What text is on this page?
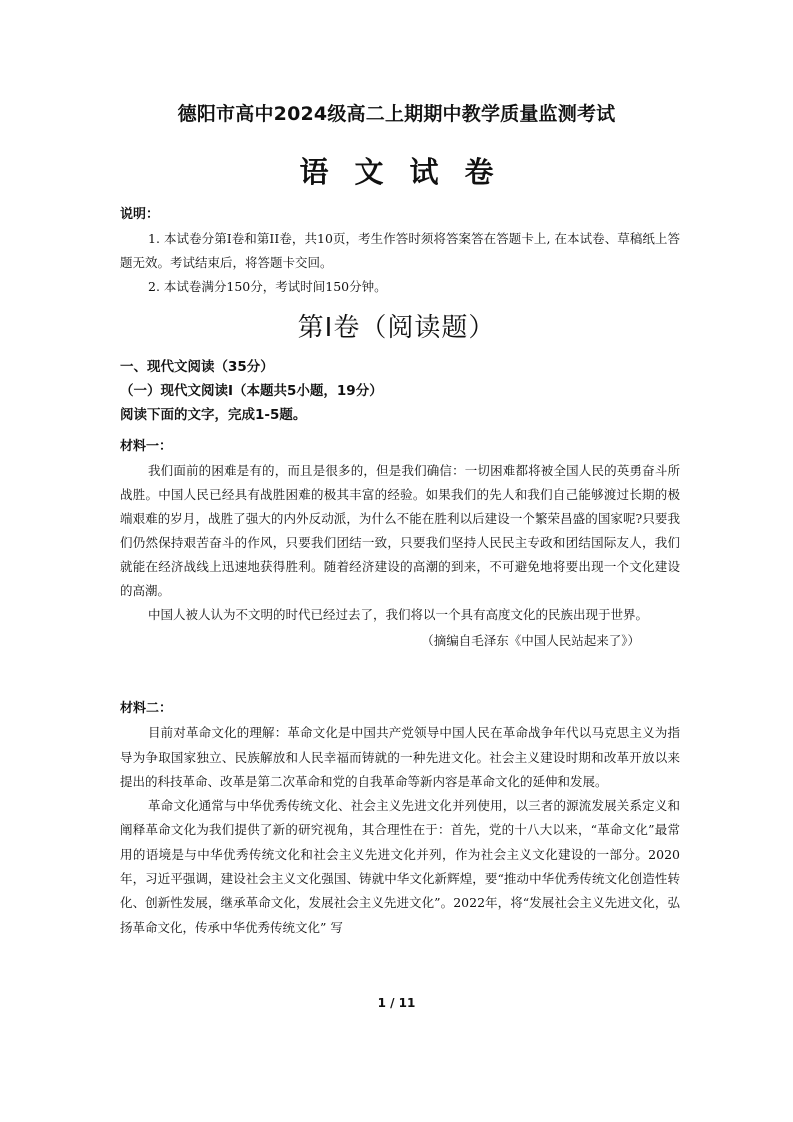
德阳市高中2024级高二上期期中教学质量监测考试
语文试卷
说明：

1. 本试卷分第Ⅰ卷和第II卷，共10页，考生作答时须将答案答在答题卡上, 在本试卷、草稿纸上答题无效。考试结束后，将答题卡交回。

2. 本试卷满分150分，考试时间150分钟。

第Ⅰ卷（阅读题）
一、现代文阅读（35分）
（一）现代文阅读Ⅰ（本题共5小题，19分）
阅读下面的文字，完成1-5题。
材料一：

我们面前的困难是有的，而且是很多的，但是我们确信：一切困难都将被全国人民的英勇奋斗所战胜。中国人民已经具有战胜困难的极其丰富的经验。如果我们的先人和我们自己能够渡过长期的极端艰难的岁月，战胜了强大的内外反动派，为什么不能在胜利以后建设一个繁荣昌盛的国家呢?只要我们仍然保持艰苦奋斗的作风，只要我们团结一致，只要我们坚持人民民主专政和团结国际友人，我们就能在经济战线上迅速地获得胜利。随着经济建设的高潮的到来，不可避免地将要出现一个文化建设的高潮。

中国人被人认为不文明的时代已经过去了，我们将以一个具有高度文化的民族出现于世界。

（摘编自毛泽东《中国人民站起来了》）

材料二：

目前对革命文化的理解：革命文化是中国共产党领导中国人民在革命战争年代以马克思主义为指导为争取国家独立、民族解放和人民幸福而铸就的一种先进文化。社会主义建设时期和改革开放以来提出的科技革命、改革是第二次革命和党的自我革命等新内容是革命文化的延伸和发展。

革命文化通常与中华优秀传统文化、社会主义先进文化并列使用，以三者的源流发展关系定义和阐释革命文化为我们提供了新的研究视角，其合理性在于：首先，党的十八大以来，“革命文化”最常用的语境是与中华优秀传统文化和社会主义先进文化并列，作为社会主义文化建设的一部分。2020年，习近平强调，建设社会主义文化强国、铸就中华文化新辉煌，要“推动中华优秀传统文化创造性转化、创新性发展，继承革命文化，发展社会主义先进文化”。2022年，将“发展社会主义先进文化，弘扬革命文化，传承中华优秀传统文化” 写

1 / 11
